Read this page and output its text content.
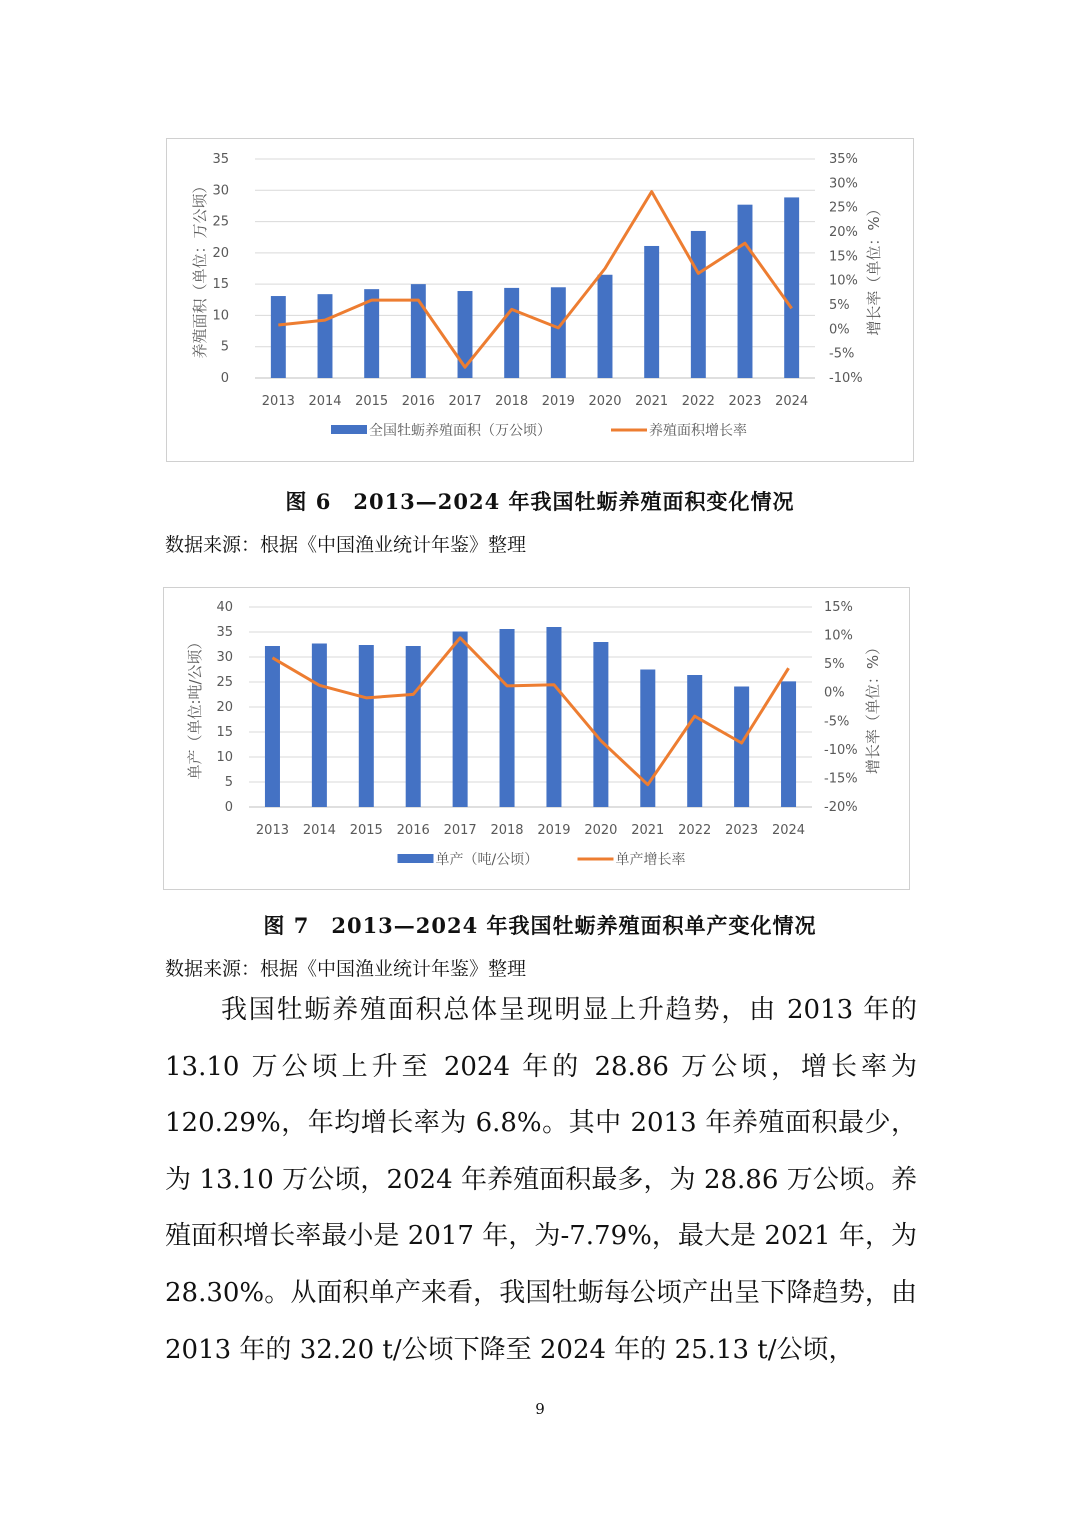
0
5
10
15
20
25
30
35
-10%
-5%
0%
5%
10%
15%
20%
25%
30%
35%
2013 2014 2015 2016 2017 2018 2019 2020 2021 2022 2023 2024
养殖面积（单位：万公顷）	增长率（单位：%）
全国牡蛎养殖面积（万公顷）	养殖面积增长率
图 6　2013—2024 年我国牡蛎养殖面积变化情况
数据来源：根据《中国渔业统计年鉴》整理
0
5
10
15
20
25
30
35
40
-20%
-15%
-10%
-5%
0%
5%
10%
15%
2013 2014 2015 2016 2017 2018 2019 2020 2021 2022 2023 2024
单产（单位:吨/公顷）	增长率（单位：%）
单产（吨/公顷）	单产增长率
图 7　2013—2024 年我国牡蛎养殖面积单产变化情况
数据来源：根据《中国渔业统计年鉴》整理
我国牡蛎养殖面积总体呈现明显上升趋势，由 2013 年的 13.10 万公顷上升至 2024 年的 28.86 万公顷，增长率为 120.29%，年均增长率为 6.8%。其中 2013 年养殖面积最少，为 13.10 万公顷，2024 年养殖面积最多，为 28.86 万公顷。养殖面积增长率最小是 2017 年，为-7.79%，最大是 2021 年，为 28.30%。从面积单产来看，我国牡蛎每公顷产出呈下降趋势，由 2013 年的 32.20 t/公顷下降至 2024 年的 25.13 t/公顷，
9
